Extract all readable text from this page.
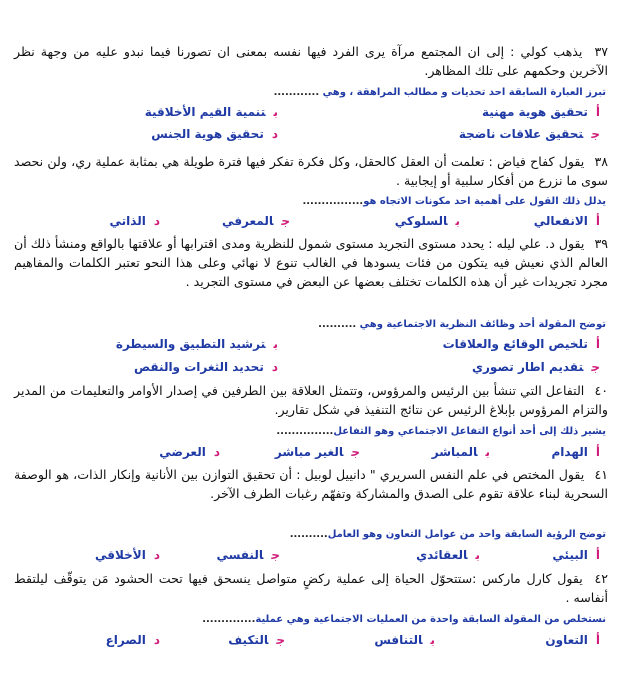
٣٧ يذهب كولي : إلى ان المجتمع مرآة يرى الفرد فيها نفسه بمعنى ان تصورنا فيما نبدو عليه من وجهة نظر الآخرين وحكمهم على تلك المظاهر.
تبرز العبارة السابقة احد تحديات و مطالب المراهقة ، وهي ............
أتحقيق هوية مهنية
بتنمية القيم الأخلاقية
جتحقيق علاقات ناضجة
دتحقيق هوية الجنس
٣٨ يقول كفاح فياض : تعلمت أن العقل كالحقل، وكل فكرة تفكر فيها فترة طويلة هي بمثابة عملية ري، ولن نحصد سوى ما نزرع من أفكار سلبية أو إيجابية .
يدلل ذلك القول على أهمية احد مكونات الاتجاه هو................
أالانفعالي
بالسلوكي
جالمعرفي
دالذاتي
٣٩ يقول د. علي ليله : يحدد مستوى التجريد مستوى شمول للنظرية ومدى اقترابها أو علاقتها بالواقع ومنشأ ذلك أن العالم الذي نعيش فيه يتكون من فئات يسودها في الغالب تنوع لا نهائي وعلى هذا النحو تعتبر الكلمات والمفاهيم مجرد تجريدات غير أن هذه الكلمات تختلف بعضها عن البعض في مستوى التجريد .
توضح المقولة أحد وظائف النظرية الاجتماعية وهي ..........
أتلخيص الوقائع والعلاقات
بترشيد التطبيق والسيطرة
جتقديم اطار تصوري
دتحديد الثغرات والنقص
٤٠ التفاعل التي تنشأ بين الرئيس والمرؤوس، وتتمثل العلاقة بين الطرفين في إصدار الأوامر والتعليمات من المدير والتزام المرؤوس بإبلاغ الرئيس عن نتائج التنفيذ في شكل تقارير.
يشير ذلك إلى أحد أنواع التفاعل الاجتماعي وهو التفاعل...............
أالهدام
بالمباشر
جالغير مباشر
دالعرضي
٤١ يقول المختص في علم النفس السريري " دانييل لوبيل : أن تحقيق التوازن بين الأنانية وإنكار الذات، هو الوصفة السحرية لبناء علاقة تقوم على الصدق والمشاركة وتفهّم رغبات الطرف الآخر.
توضح الرؤية السابقة واحد من عوامل التعاون وهو العامل..........
أالبيئي
بالعقائدي
جالنفسي
دالأخلاقي
٤٢ يقول كارل ماركس :ستتحوّل الحياة إلى عملية ركضٍ متواصل ينسحق فيها تحت الحشود مَن يتوقّف ليلتقط أنفاسه .
نستخلص من المقولة السابقة واحدة من العمليات الاجتماعية وهي عملية..............
أالتعاون
بالتنافس
جالتكيف
دالصراع
